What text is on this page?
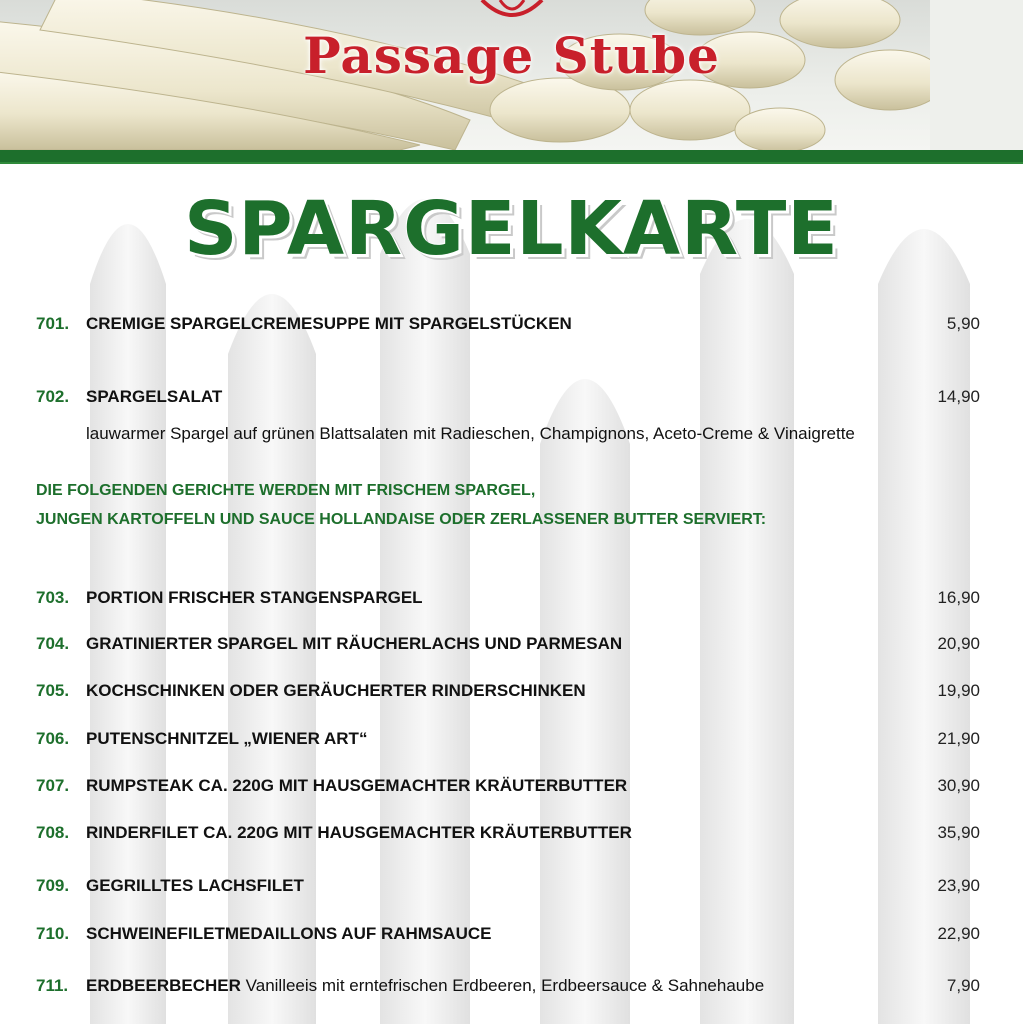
Passage Stube
SPARGELKARTE
701. CREMIGE SPARGELCREMESUPPE MIT SPARGELSTÜCKEN	5,90
702. SPARGELSALAT	14,90
lauwarmer Spargel auf grünen Blattsalaten mit Radieschen, Champignons, Aceto-Creme & Vinaigrette
DIE FOLGENDEN GERICHTE WERDEN MIT FRISCHEM SPARGEL,
JUNGEN KARTOFFELN UND SAUCE HOLLANDAISE ODER ZERLASSENER BUTTER SERVIERT:
703. PORTION FRISCHER STANGENSPARGEL	16,90
704. GRATINIERTER SPARGEL MIT RÄUCHERLACHS UND PARMESAN	20,90
705. KOCHSCHINKEN ODER GERÄUCHERTER RINDERSCHINKEN	19,90
706. PUTENSCHNITZEL „WIENER ART“	21,90
707. RUMPSTEAK CA. 220G MIT HAUSGEMACHTER KRÄUTERBUTTER	30,90
708. RINDERFILET CA. 220G MIT HAUSGEMACHTER KRÄUTERBUTTER	35,90
709. GEGRILLTES LACHSFILET	23,90
710. SCHWEINEFILETMEDAILLONS AUF RAHMSAUCE	22,90
711. ERDBEERBECHER Vanilleeis mit erntefrischen Erdbeeren, Erdbeersauce & Sahnehaube	7,90
